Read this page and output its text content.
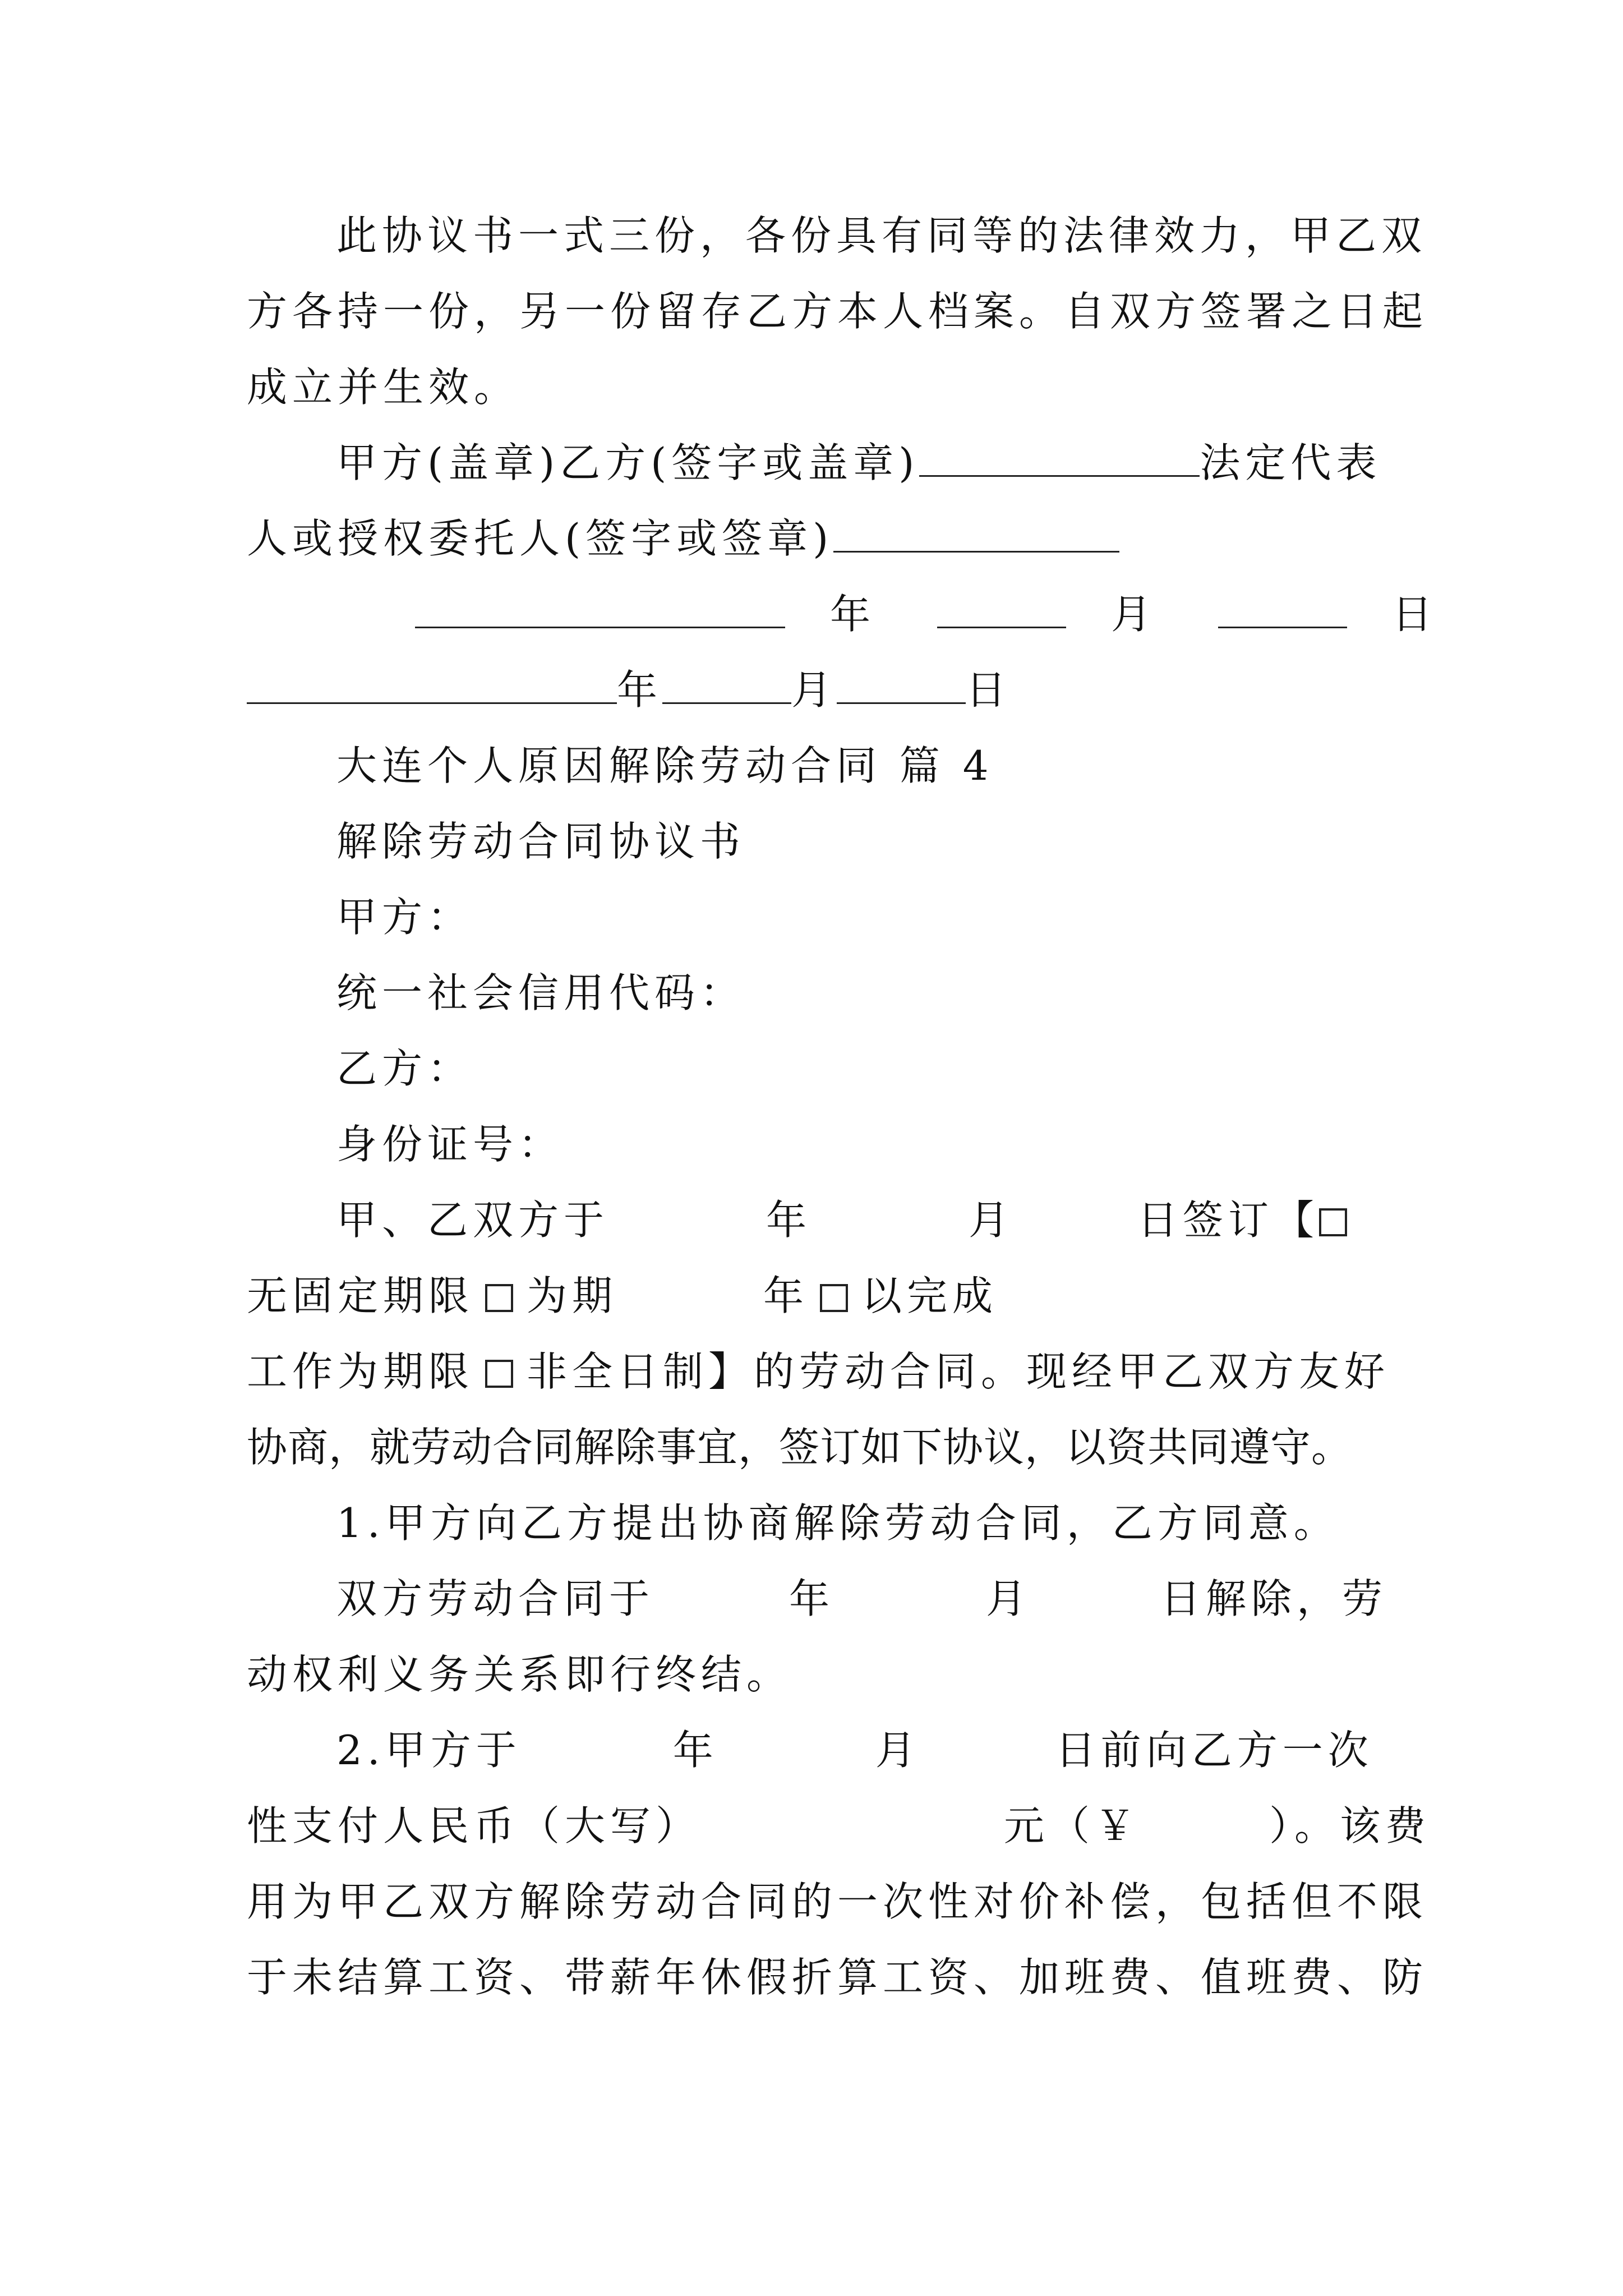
此协议书一式三份，各份具有同等的法律效力，甲乙双
方各持一份，另一份留存乙方本人档案。自双方签署之日起
成立并生效。
甲方(盖章)乙方(签字或盖章)	法定代表
人或授权委托人(签字或签章)
年	月	日
年	月	日
大连个人原因解除劳动合同 篇 4
解除劳动合同协议书
甲方：
统一社会信用代码：
乙方：
身份证号：
甲、乙双方于	年	月	日签订【
无固定期限 为期	年 以完成
工作为期限 非全日制】的劳动合同。现经甲乙双方友好
协商，就劳动合同解除事宜，签订如下协议，以资共同遵守。
1.甲方向乙方提出协商解除劳动合同，乙方同意。
双方劳动合同于	年	月	日解除，劳
动权利义务关系即行终结。
2.甲方于	年	月	日前向乙方一次
性支付人民币（大写）	元（￥	）。该费
用为甲乙双方解除劳动合同的一次性对价补偿，包括但不限
于未结算工资、带薪年休假折算工资、加班费、值班费、防
